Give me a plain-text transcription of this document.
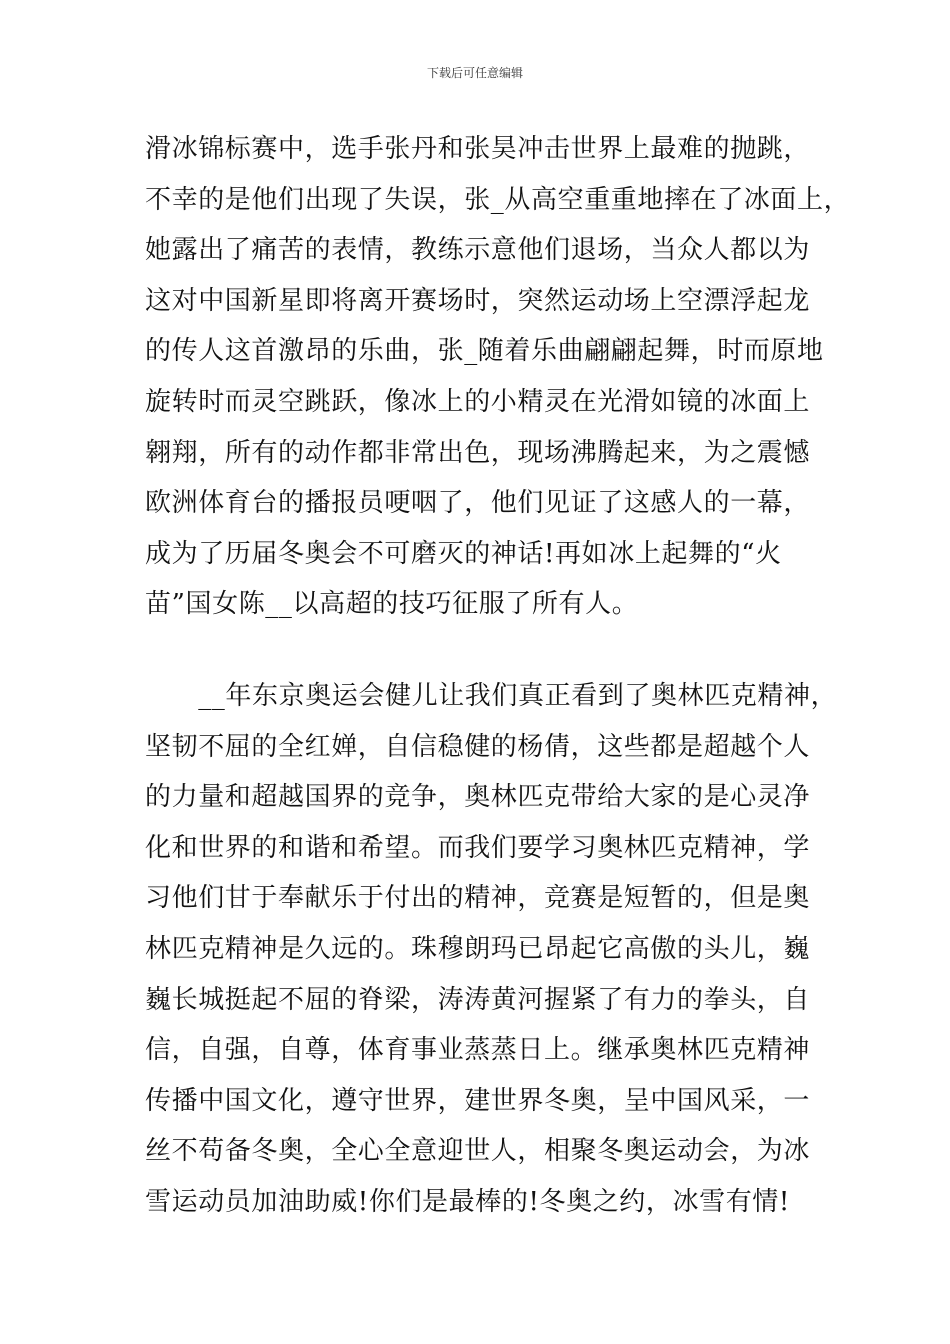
下载后可任意编辑
滑冰锦标赛中，选手张丹和张昊冲击世界上最难的抛跳，
不幸的是他们出现了失误，张_从高空重重地摔在了冰面上，
她露出了痛苦的表情，教练示意他们退场，当众人都以为
这对中国新星即将离开赛场时，突然运动场上空漂浮起龙
的传人这首激昂的乐曲，张_随着乐曲翩翩起舞，时而原地
旋转时而灵空跳跃，像冰上的小精灵在光滑如镜的冰面上
翱翔，所有的动作都非常出色，现场沸腾起来，为之震憾
欧洲体育台的播报员哽咽了，他们见证了这感人的一幕，
成为了历届冬奥会不可磨灭的神话!再如冰上起舞的“火
苗”国女陈__以高超的技巧征服了所有人。
　　__年东京奥运会健儿让我们真正看到了奥林匹克精神，
坚韧不屈的全红婵，自信稳健的杨倩，这些都是超越个人
的力量和超越国界的竞争，奥林匹克带给大家的是心灵净
化和世界的和谐和希望。而我们要学习奥林匹克精神，学
习他们甘于奉献乐于付出的精神，竞赛是短暂的，但是奥
林匹克精神是久远的。珠穆朗玛已昂起它高傲的头儿，巍
巍长城挺起不屈的脊梁，涛涛黄河握紧了有力的拳头，自
信，自强，自尊，体育事业蒸蒸日上。继承奥林匹克精神
传播中国文化，遵守世界，建世界冬奥，呈中国风采，一
丝不苟备冬奥，全心全意迎世人，相聚冬奥运动会，为冰
雪运动员加油助威!你们是最棒的!冬奥之约，冰雪有情!
